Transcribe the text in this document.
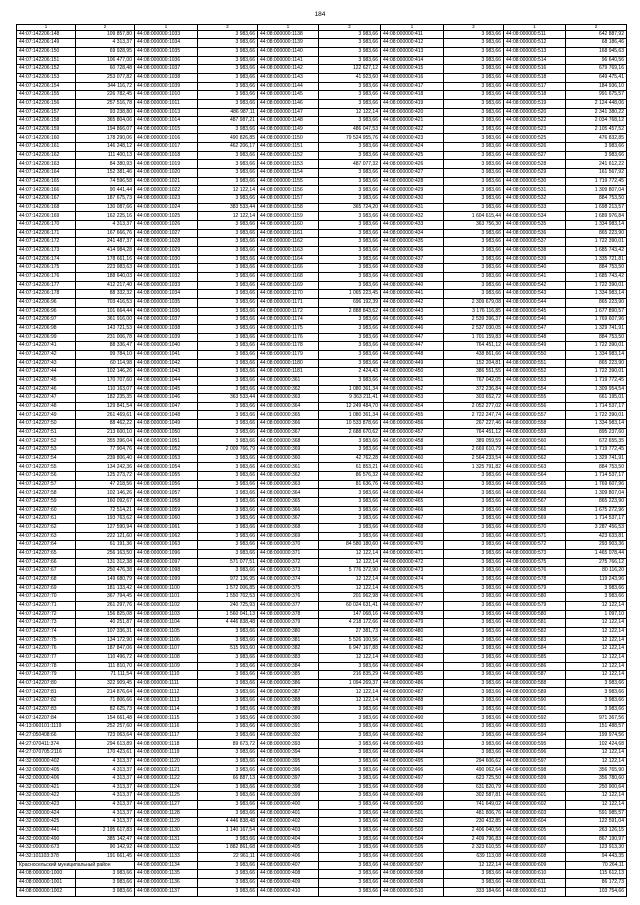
184
1	2	1	2	1	2	1	2	1	2
44:07:142206:148	109 857,80	44:08:000000:1033	3 983,66	44:08:000000:1138	3 983,66	44:08:000000:411	3 983,66	44:08:000000:511	642 887,92
44:07:142206:149	4 313,37	44:08:000000:1034	3 983,66	44:08:000000:1139	3 983,66	44:08:000000:412	3 983,66	44:08:000000:512	68 186,46
44:07:142206:150	69 928,95	44:08:000000:1035	3 983,66	44:08:000000:1140	3 983,66	44:08:000000:413	3 983,66	44:08:000000:513	168 945,63
44:07:142206:151	106 477,00	44:08:000000:1036	3 983,66	44:08:000000:1141	3 983,66	44:08:000000:414	3 983,66	44:08:000000:514	96 640,56
44:07:142206:152	60 728,48	44:08:000000:1037	3 983,66	44:08:000000:1142	122 627,12	44:08:000000:415	3 983,66	44:08:000000:516	679 769,16
44:07:142206:153	253 077,82	44:08:000000:1038	3 983,66	44:08:000000:1143	41 923,60	44:08:000000:416	3 983,66	44:08:000000:518	649 475,41
44:07:142206:154	344 116,72	44:08:000000:1039	3 983,66	44:08:000000:1144	3 983,66	44:08:000000:417	3 983,66	44:08:000000:517	184 936,10
44:07:142206:155	226 782,45	44:08:000000:1010	3 983,66	44:08:000000:1145	3 983,66	44:08:000000:418	3 983,66	44:08:000000:518	991 675,57
44:07:142206:156	257 516,78	44:08:000000:1011	3 983,66	44:08:000000:1146	3 983,66	44:08:000000:419	3 983,66	44:08:000000:519	2 124 448,06
44:07:142206:157	93 238,80	44:08:000000:1013	486 987,11	44:08:000000:1147	12 122,14	44:08:000000:420	3 983,66	44:08:000000:520	2 341 380,22
44:07:142206:158	365 804,06	44:08:000000:1014	487 987,21	44:08:000000:1148	3 983,66	44:08:000000:421	3 983,66	44:08:000000:522	2 034 768,12
44:07:142206:159	194 866,07	44:08:000000:1015	3 983,66	44:08:000000:1149	486 047,53	44:08:000000:422	3 983,66	44:08:000000:523	2 105 457,52
44:07:142206:160	178 290,06	44:08:000000:1016	490 826,85	44:08:000000:1150	79 524 955,76	44:08:000000:423	3 983,66	44:08:000000:525	476 832,85
44:07:142206:161	146 248,12	44:08:000000:1017	462 206,17	44:08:000000:1151	3 983,66	44:08:000000:424	3 983,66	44:08:000000:526	3 983,66
44:07:142206:162	111 400,13	44:08:000000:1018	3 983,66	44:08:000000:1152	3 983,66	44:08:000000:425	3 983,66	44:08:000000:527	3 983,66
44:07:142206:163	84 380,93	44:08:000000:1019	3 983,66	44:08:000000:1153	487 077,32	44:08:000000:426	3 983,66	44:08:000000:528	241 612,22
44:07:142206:164	152 381,46	44:08:000000:1020	3 983,66	44:08:000000:1154	3 983,66	44:08:000000:427	3 983,66	44:08:000000:529	161 567,92
44:07:142206:165	74 596,58	44:08:000000:1021	3 983,66	44:08:000000:1155	3 983,66	44:08:000000:428	3 983,66	44:08:000000:530	1 719 772,45
44:07:142206:166	90 441,44	44:08:000000:1022	12 122,14	44:08:000000:1156	3 983,66	44:08:000000:429	3 983,66	44:08:000000:531	1 309 807,04
44:07:142206:167	187 675,73	44:08:000000:1023	3 983,66	44:08:000000:1157	3 983,66	44:08:000000:430	3 983,66	44:08:000000:532	884 753,50
44:07:142206:168	130 087,66	44:08:000000:1024	383 533,44	44:08:000000:1158	365 724,20	44:08:000000:431	3 983,66	44:08:000000:533	1 698 213,57
44:07:142206:169	162 225,16	44:08:000000:1025	12 122,14	44:08:000000:1159	3 983,66	44:08:000000:432	1 604 615,44	44:08:000000:534	1 689 976,84
44:07:142206:170	4 313,37	44:08:000000:1026	3 983,66	44:08:000000:1160	3 983,66	44:08:000000:433	363 756,30	44:08:000000:535	1 334 983,14
44:07:142206:171	167 666,76	44:08:000000:1027	3 983,66	44:08:000000:1161	3 983,66	44:08:000000:434	3 983,66	44:08:000000:536	865 223,90
44:07:142206:172	241 487,37	44:08:000000:1028	3 983,66	44:08:000000:1162	3 983,66	44:08:000000:435	3 983,66	44:08:000000:537	1 722 390,01
44:07:142206:173	414 984,28	44:08:000000:1029	3 983,66	44:08:000000:1163	3 983,66	44:08:000000:436	3 983,66	44:08:000000:538	1 685 743,42
44:07:142206:174	178 661,16	44:08:000000:1030	3 983,66	44:08:000000:1164	3 983,66	44:08:000000:437	3 983,66	44:08:000000:539	1 335 721,81
44:07:142206:175	223 983,63	44:08:000000:1031	3 983,66	44:08:000000:1166	3 983,66	44:08:000000:438	3 983,66	44:08:000000:540	884 753,50
44:07:142206:176	188 640,03	44:08:000000:1032	3 983,66	44:08:000000:1168	3 983,66	44:08:000000:439	3 983,66	44:08:000000:541	1 685 743,42
44:07:142206:177	412 217,40	44:08:000000:1033	3 983,66	44:08:000000:1169	3 983,66	44:08:000000:440	3 983,66	44:08:000000:542	1 722 390,01
44:07:142206:178	88 332,32	44:08:000000:1034	3 983,66	44:08:000000:1170	1 065 223,45	44:08:000000:441	3 983,66	44:08:000000:543	1 334 983,14
44:07:142206:96	703 416,53	44:08:000000:1035	3 983,66	44:08:000000:1171	696 192,39	44:08:000000:442	2 309 679,08	44:08:000000:544	865 223,90
44:07:142206:96	101 664,44	44:08:000000:1036	3 983,66	44:08:000000:1172	2 888 843,62	44:08:000000:443	3 176 116,85	44:08:000000:545	1 677 890,57
44:07:142206:97	361 916,00	44:08:000000:1037	3 983,66	44:08:000000:1174	3 983,66	44:08:000000:445	2 539 396,37	44:08:000000:546	1 769 607,96
44:07:142206:98	143 721,53	44:08:000000:1038	3 983,66	44:08:000000:1175	3 983,66	44:08:000000:446	2 537 030,05	44:08:000000:547	1 329 741,91
44:07:142206:99	231 006,78	44:08:000000:1039	3 983,66	44:08:000000:1176	3 983,66	44:08:000000:447	1 701 159,83	44:08:000000:548	884 753,50
44:07:142207:41	88 336,47	44:08:000000:1040	3 983,66	44:08:000000:1178	3 983,66	44:08:000000:447	764 451,12	44:08:000000:549	1 722 390,01
44:07:142207:42	99 784,10	44:08:000000:1041	3 983,66	44:08:000000:1179	3 983,66	44:08:000000:448	438 861,66	44:08:000000:550	1 334 983,14
44:07:142207:43	60 114,98	44:08:000000:1042	3 983,66	44:08:000000:1180	3 983,66	44:08:000000:449	152 204,81	44:08:000000:551	865 223,90
44:07:142207:44	102 146,26	44:08:000000:1043	3 983,66	44:08:000000:1181	2 424,43	44:08:000000:450	386 551,55	44:08:000000:552	1 722 390,01
44:07:142207:45	170 707,60	44:08:000000:1044	3 983,66	44:08:000000:361	3 983,66	44:08:000000:451	767 042,05	44:08:000000:553	1 719 772,45
44:07:142207:46	110 163,07	44:08:000000:1045	3 983,66	44:08:000000:362	1 080 361,34	44:08:000000:452	372 236,84	44:08:000000:554	1 309 954,54
44:07:142207:47	182 235,35	44:08:000000:1046	363 533,44	44:08:000000:363	9 363 211,41	44:08:000000:453	303 652,72	44:08:000000:555	661 195,01
44:07:142207:48	129 841,54	44:08:000000:1047	3 983,66	44:08:000000:364	12 249 484,70	44:08:000000:454	2 052 277,02	44:08:000000:556	1 714 537,17
44:07:142207:49	261 469,61	44:08:000000:1048	3 983,66	44:08:000000:365	1 080 361,34	44:08:000000:455	2 722 247,74	44:08:000000:557	1 722 390,01
44:07:142207:50	88 462,22	44:08:000000:1049	3 983,66	44:08:000000:366	10 533 878,66	44:08:000000:456	267 227,46	44:08:000000:558	1 334 983,14
44:07:142207:51	213 600,10	44:08:000000:1050	3 983,66	44:08:000000:367	2 688 670,62	44:08:000000:457	764 451,12	44:08:000000:559	895 237,60
44:07:142207:52	355 396,04	44:08:000000:1051	3 983,66	44:08:000000:368	3 983,66	44:08:000000:458	389 059,59	44:08:000000:560	672 655,35
44:07:142207:53	77 904,76	44:08:000000:1052	2 009 766,79	44:08:000000:369	3 983,66	44:08:000000:459	2 669 610,79	44:08:000000:561	1 719 772,45
44:07:142207:54	239 806,40	44:08:000000:1053	3 983,66	44:08:000000:360	42 762,28	44:08:000000:460	2 564 233,54	44:08:000000:562	1 329 741,91
44:07:142207:55	134 242,36	44:08:000000:1054	3 983,66	44:08:000000:361	61 853,21	44:08:000000:461	1 325 791,82	44:08:000000:563	884 753,50
44:07:142207:56	125 273,72	44:08:000000:1055	3 983,66	44:08:000000:362	86 576,32	44:08:000000:462	3 983,66	44:08:000000:564	1 714 537,17
44:07:142207:57	47 218,56	44:08:000000:1056	3 983,66	44:08:000000:363	81 636,76	44:08:000000:463	3 983,66	44:08:000000:565	1 769 607,96
44:07:142207:58	102 146,26	44:08:000000:1057	3 983,66	44:08:000000:364	3 983,66	44:08:000000:464	3 983,66	44:08:000000:566	1 309 807,04
44:07:142207:59	160 092,67	44:08:000000:1058	3 983,66	44:08:000000:365	3 983,66	44:08:000000:465	3 983,66	44:08:000000:567	865 223,90
44:07:142207:60	72 514,21	44:08:000000:1059	3 983,66	44:08:000000:366	3 983,66	44:08:000000:466	3 983,66	44:08:000000:568	1 675 272,96
44:07:142207:61	193 763,62	44:08:000000:1060	3 983,66	44:08:000000:367	3 983,66	44:08:000000:467	3 983,66	44:08:000000:569	1 714 537,17
44:07:142207:62	127 590,94	44:08:000000:1061	3 983,66	44:08:000000:368	3 983,66	44:08:000000:468	3 983,66	44:08:000000:570	3 287 456,53
44:07:142207:63	222 121,60	44:08:000000:1062	3 983,66	44:08:000000:369	3 983,66	44:08:000000:469	3 983,66	44:08:000000:571	423 633,81
44:07:142207:64	61 191,36	44:08:000000:1063	3 983,66	44:08:000000:370	84 580 180,60	44:08:000000:470	3 983,66	44:08:000000:572	293 903,36
44:07:142207:65	256 163,50	44:08:000000:1096	3 983,66	44:08:000000:371	12 122,14	44:08:000000:471	3 983,66	44:08:000000:573	1 465 078,44
44:07:142207:66	131 312,38	44:08:000000:1097	571 077,51	44:08:000000:372	12 122,14	44:08:000000:472	3 983,66	44:08:000000:575	275 766,12
44:07:142207:67	250 476,38	44:08:000000:1098	3 983,66	44:08:000000:373	5 776 372,90	44:08:000000:473	3 983,66	44:08:000000:576	80 116,20
44:07:142207:68	149 680,79	44:08:000000:1099	972 136,95	44:08:000000:374	12 122,14	44:08:000000:474	3 983,66	44:08:000000:578	119 243,96
44:07:142207:69	181 133,42	44:08:000000:1100	1 572 006,85	44:08:000000:375	12 122,14	44:08:000000:475	3 983,66	44:08:000000:579	3 983,66
44:07:142207:70	367 794,45	44:08:000000:1101	1 550 702,53	44:08:000000:376	201 962,98	44:08:000000:476	3 983,66	44:08:000000:580	3 983,66
44:07:142207:71	261 297,76	44:08:000000:1102	240 725,93	44:08:000000:377	60 024 631,41	44:08:000000:477	3 983,66	44:08:000000:579	12 122,14
44:07:142207:72	156 825,08	44:08:000000:1103	1 560 041,13	44:08:000000:378	147 068,16	44:08:000000:478	3 983,66	44:08:000000:580	1 097,10
44:07:142207:73	40 251,87	44:08:000000:1104	4 446 838,48	44:08:000000:379	4 218 172,66	44:08:000000:479	3 983,66	44:08:000000:581	12 122,14
44:07:142207:74	107 336,31	44:08:000000:1105	3 983,66	44:08:000000:380	27 381,73	44:08:000000:480	3 983,66	44:08:000000:582	12 122,14
44:07:142207:75	134 172,90	44:08:000000:1106	3 983,66	44:08:000000:381	5 526 100,56	44:08:000000:481	3 983,66	44:08:000000:583	12 122,14
44:07:142207:76	187 847,06	44:08:000000:1107	515 993,60	44:08:000000:382	6 947 167,88	44:08:000000:482	3 983,66	44:08:000000:584	12 122,14
44:07:142207:77	110 496,72	44:08:000000:1108	3 983,66	44:08:000000:383	12 122,14	44:08:000000:483	3 983,66	44:08:000000:585	12 122,14
44:07:142207:78	111 810,70	44:08:000000:1109	3 983,66	44:08:000000:384	3 983,66	44:08:000000:484	3 983,66	44:08:000000:586	12 122,14
44:07:142207:79	71 111,54	44:08:000000:1110	3 983,66	44:08:000000:385	216 835,29	44:08:000000:485	3 983,66	44:08:000000:587	12 122,14
44:07:142207:80	322 909,45	44:08:000000:1111	3 983,66	44:08:000000:386	1 094 269,37	44:08:000000:486	3 983,66	44:08:000000:588	3 983,66
44:07:142207:81	214 876,64	44:08:000000:1112	3 983,66	44:08:000000:387	12 122,14	44:08:000000:487	3 983,66	44:08:000000:589	3 983,66
44:07:142207:82	71 806,66	44:08:000000:1113	3 983,66	44:08:000000:388	12 122,14	44:08:000000:488	3 983,66	44:08:000000:590	3 983,66
44:07:142207:83	82 625,73	44:08:000000:1114	3 983,66	44:08:000000:389	3 983,66	44:08:000000:489	3 983,66	44:08:000000:591	3 983,66
44:07:142207:84	154 661,48	44:08:000000:1115	3 983,66	44:08:000000:390	3 983,66	44:08:000000:490	3 983,66	44:08:000000:592	971 367,56
44:13:060101:1119	252 257,60	44:08:000000:1116	3 983,66	44:08:000000:391	3 983,66	44:08:000000:491	3 983,66	44:08:000000:593	151 488,57
44:27:050408:66	723 063,64	44:08:000000:1117	3 983,66	44:08:000000:392	3 983,66	44:08:000000:492	3 983,66	44:08:000000:594	199 974,56
44:27:070411:374	294 613,89	44:08:000000:1118	89 673,72	44:08:000000:393	3 983,66	44:08:000000:493	3 983,66	44:08:000000:595	102 424,68
44:27:070705:2116	170 423,61	44:08:000000:1119	3 983,66	44:08:000000:394	3 983,66	44:08:000000:494	3 983,66	44:08:000000:596	12 122,14
44:32:000000:402	4 313,37	44:08:000000:1120	3 983,66	44:08:000000:395	3 983,66	44:08:000000:495	294 606,62	44:08:000000:597	12 122,14
44:32:000000:405	4 313,37	44:08:000000:1121	3 983,66	44:08:000000:396	3 983,66	44:08:000000:496	490 062,64	44:08:000000:598	356 765,90
44:32:000000:406	4 313,37	44:08:000000:1122	66 887,13	44:08:000000:397	3 983,66	44:08:000000:497	623 725,50	44:08:000000:599	356 780,60
44:32:000000:421	4 313,37	44:08:000000:1124	3 983,66	44:08:000000:398	3 983,66	44:08:000000:498	631 820,79	44:08:000000:600	250 900,64
44:32:000000:422	4 313,37	44:08:000000:1125	3 983,66	44:08:000000:399	3 983,66	44:08:000000:499	302 587,81	44:08:000000:601	12 122,14
44:32:000000:423	4 313,37	44:08:000000:1127	3 983,66	44:08:000000:400	3 983,66	44:08:000000:500	741 649,02	44:08:000000:602	12 122,14
44:32:000000:424	4 313,37	44:08:000000:1128	3 983,66	44:08:000000:401	3 983,66	44:08:000000:501	481 806,76	44:08:000000:603	591 985,57
44:32:000000:425	4 313,37	44:08:000000:1129	4 446 838,48	44:08:000000:402	3 983,66	44:08:000000:502	230 432,85	44:08:000000:604	122 591,04
44:32:000000:441	2 195 617,83	44:08:000000:1130	1 140 167,54	44:08:000000:403	3 983,66	44:08:000000:503	2 406 040,56	44:08:000000:605	263 126,15
44:32:000000:490	385 142,47	44:08:000000:1131	3 983,66	44:08:000000:404	3 983,66	44:08:000000:504	2 409 796,83	44:08:000000:606	867 190,97
44:32:000000:673	90 142,92	44:08:000000:1132	1 882 861,68	44:08:000000:405	3 983,66	44:08:000000:505	2 323 610,55	44:08:000000:607	123 913,30
44:32:101103:378	191 661,45	44:08:000000:1133	22 961,11	44:08:000000:406	3 983,66	44:08:000000:506	639 113,08	44:08:000000:608	94 443,35
Красносельский муниципальный район		44:08:000000:1134	3 983,66	44:08:000000:407	3 983,66	44:08:000000:507	12 122,14	44:08:000000:609	70 264,11
44:08:000000:1000	3 983,66	44:08:000000:1135	3 983,66	44:08:000000:408	3 983,66	44:08:000000:508	3 983,66	44:08:000000:610	115 612,13
44:08:000000:1001	3 983,66	44:08:000000:1136	3 983,66	44:08:000000:409	3 983,66	44:08:000000:509	3 983,66	44:08:000000:611	86 172,73
44:08:000000:1002	3 983,66	44:08:000000:1137	3 983,66	44:08:000000:410	3 983,66	44:08:000000:510	333 184,66	44:08:000000:612	103 754,66
